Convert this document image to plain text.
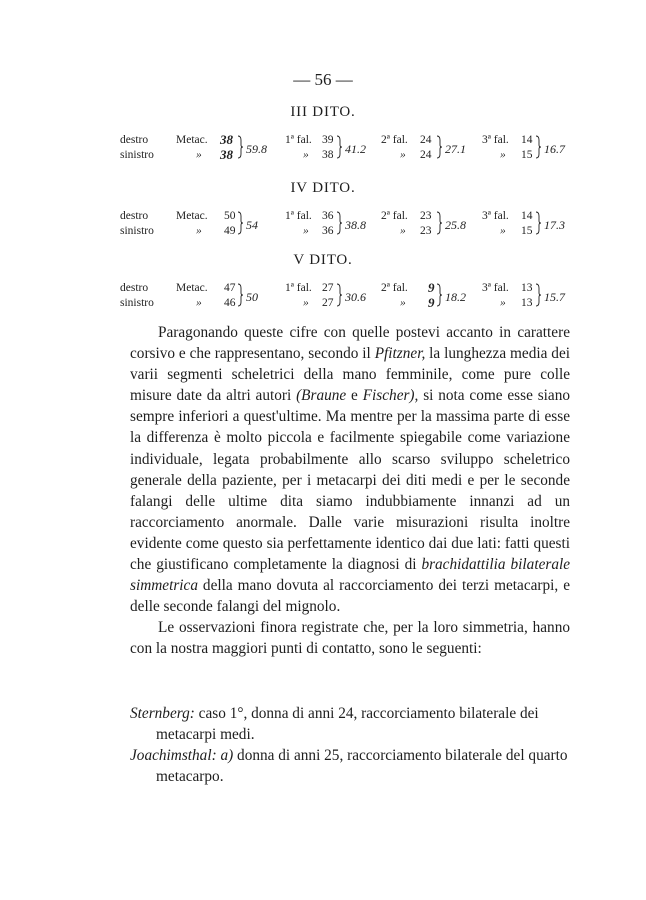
— 56 —
III DITO.
destro
sinistro
Metac.
»
38
38 59.8
1ª fal.
»
39
38 41.2
2ª fal.
»
24
24 27.1
3ª fal.
»
14
15 16.7
IV DITO.
destro
sinistro
Metac.
»
50
49 54
1ª fal.
»
36
36 38.8
2ª fal.
»
23
23 25.8
3ª fal.
»
14
15 17.3
V DITO.
destro
sinistro
Metac.
»
47
46 50
1ª fal.
»
27
27 30.6
2ª fal.
»
9
9 18.2
3ª fal.
»
13
13 15.7

Paragonando queste cifre con quelle postevi accanto in carattere corsivo e che rappresentano, secondo il Pfitzner, la lunghezza media dei varii segmenti scheletrici della mano femminile, come pure colle misure date da altri autori (Braune e Fischer), si nota come esse siano sempre inferiori a quest'ultime. Ma mentre per la massima parte di esse la differenza è molto piccola e facilmente spiegabile come variazione individuale, legata probabilmente allo scarso sviluppo scheletrico generale della paziente, per i metacarpi dei diti medi e per le seconde falangi delle ultime dita siamo indubbiamente innanzi ad un raccorciamento anormale. Dalle varie misurazioni risulta inoltre evidente come questo sia perfettamente identico dai due lati: fatti questi che giustificano completamente la diagnosi di brachidattilia bilaterale simmetrica della mano dovuta al raccorciamento dei terzi metacarpi, e delle seconde falangi del mignolo.

Le osservazioni finora registrate che, per la loro simmetria, hanno con la nostra maggiori punti di contatto, sono le seguenti:

Sternberg: caso 1°, donna di anni 24, raccorciamento bilaterale dei metacarpi medi.

Joachimsthal: a) donna di anni 25, raccorciamento bilaterale del quarto metacarpo.
